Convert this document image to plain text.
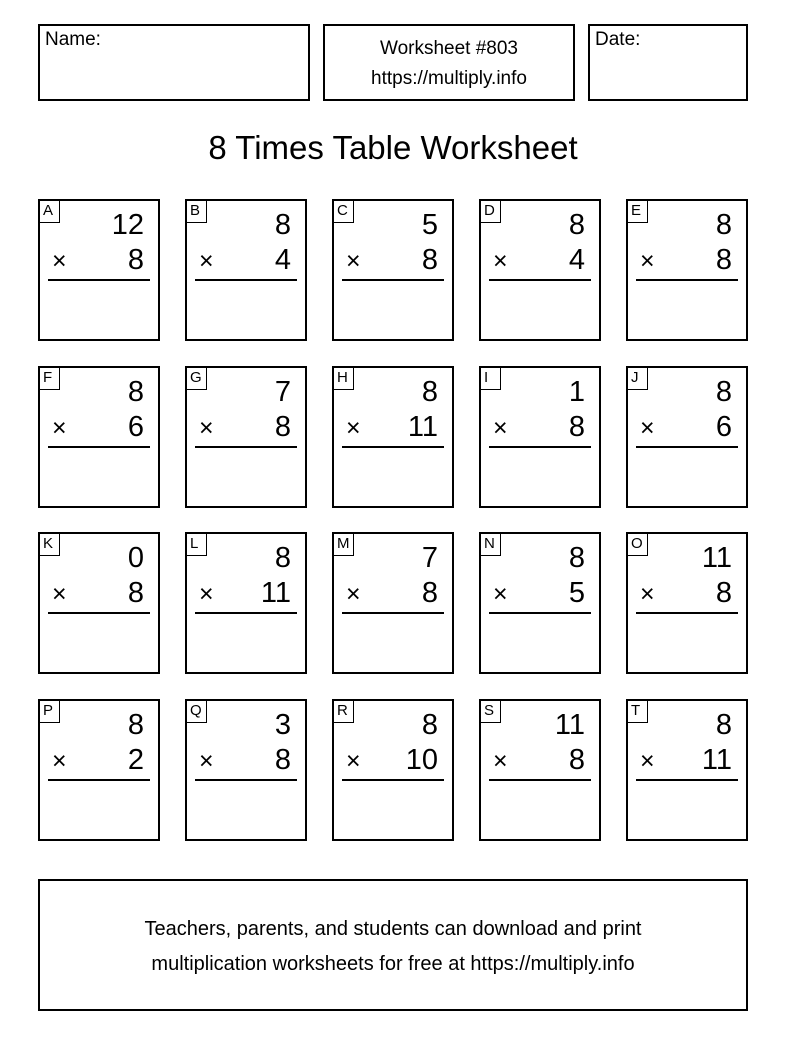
Name:	Worksheet #803
https://multiply.info
Date:
8 Times Table Worksheet
A 12
× 8
B	8
× 4
C	5
× 8
D	8
× 4
E	8
× 8
F	8
× 6
G	7
× 8
H	8
× 11
I	1
× 8
J	8
× 6
K	0
× 8
L	8
× 11
M 7
× 8
N	8
× 5
O 11
× 8
P	8
× 2
Q	3
× 8
R	8
× 10
S 11
× 8
T	8
× 11
Teachers, parents, and students can download and print
multiplication worksheets for free at https://multiply.info
